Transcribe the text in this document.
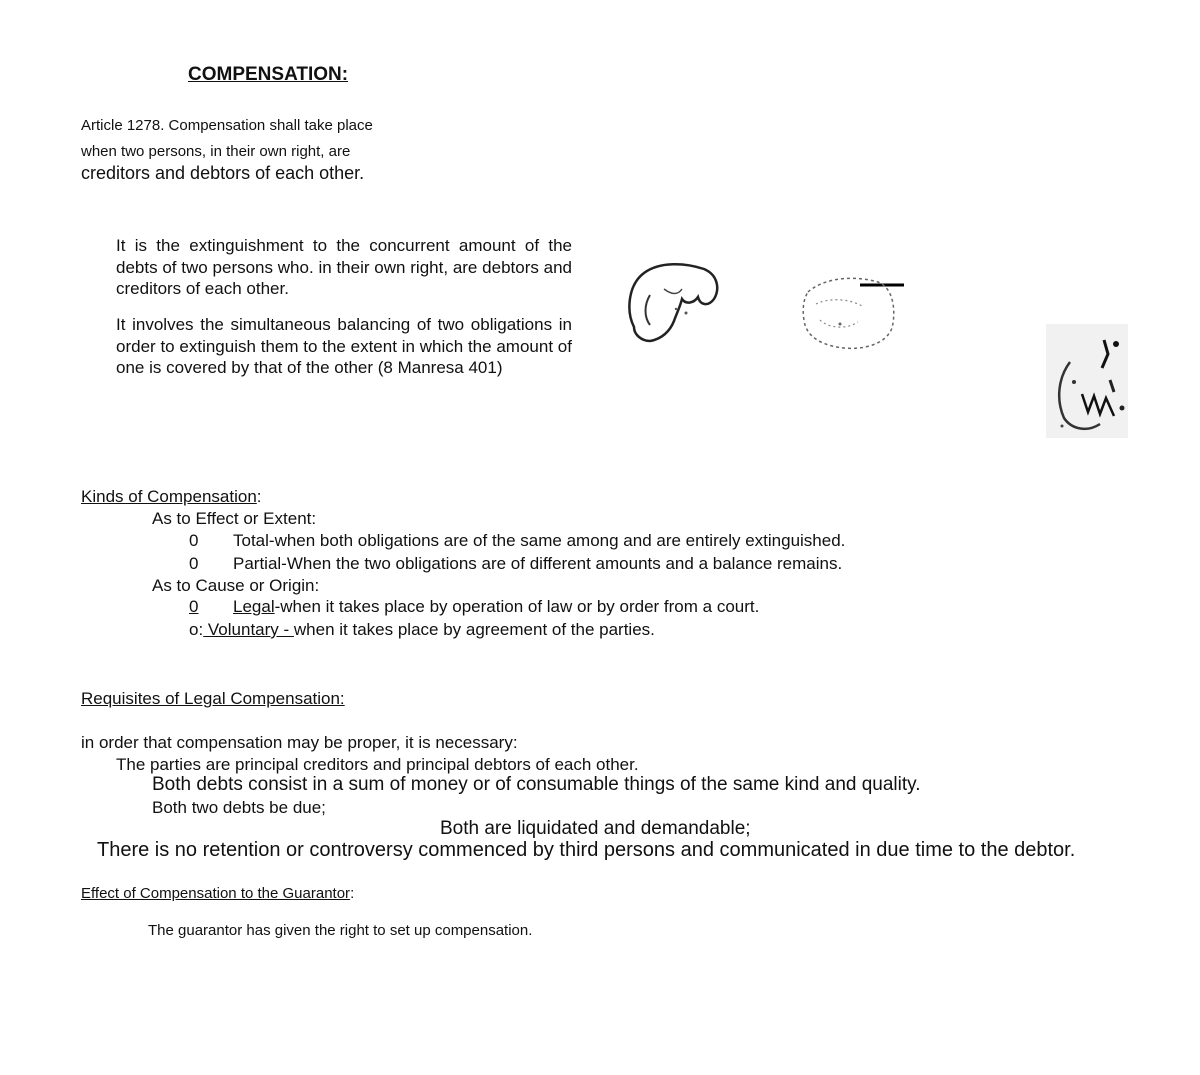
COMPENSATION:
Article 1278. Compensation shall take place
when two persons, in their own right, are
creditors and debtors of each other.
It is the extinguishment to the concurrent amount of the debts of two persons who. in their own right, are debtors and creditors of each other.
It involves the simultaneous balancing of two obligations in order to extinguish them to the extent in which the amount of one is covered by that of the other (8 Manresa 401)
Kinds of Compensation:
As to Effect or Extent:
0 Total-when both obligations are of the same among and are entirely extinguished.
0 Partial-When the two obligations are of different amounts and a balance remains.
As to Cause or Origin:
0 Legal-when it takes place by operation of law or by order from a court.
o: Voluntary - when it takes place by agreement of the parties.
Requisites of Legal Compensation:
in order that compensation may be proper, it is necessary:
The parties are principal creditors and principal debtors of each other.
Both debts consist in a sum of money or of consumable things of the same kind and quality.
Both two debts be due;
Both are liquidated and demandable;
There is no retention or controversy commenced by third persons and communicated in due time to the debtor.
Effect of Compensation to the Guarantor:
The guarantor has given the right to set up compensation.
